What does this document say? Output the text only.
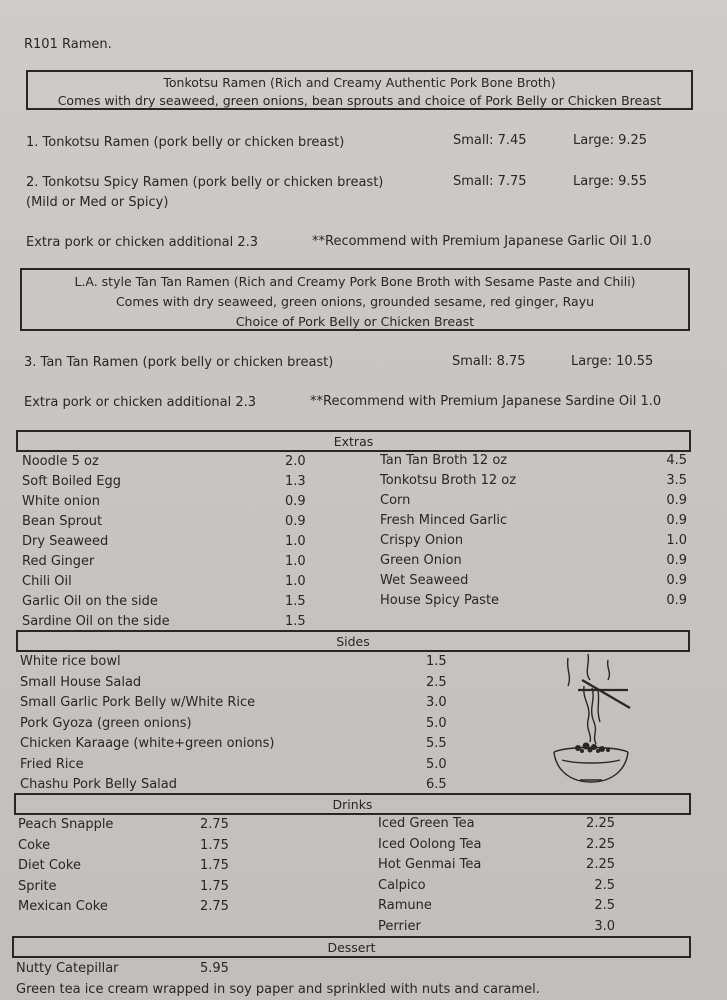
R101 Ramen.
Tonkotsu Ramen (Rich and Creamy Authentic Pork Bone Broth)
Comes with dry seaweed, green onions, bean sprouts and choice of Pork Belly or Chicken Breast
1. Tonkotsu Ramen (pork belly or chicken breast)	Small: 7.45	Large: 9.25
2. Tonkotsu Spicy Ramen (pork belly or chicken breast)
(Mild or Med or Spicy)
Small: 7.75	Large: 9.55
Extra pork or chicken additional 2.3	**Recommend with Premium Japanese Garlic Oil 1.0
L.A. style Tan Tan Ramen (Rich and Creamy Pork Bone Broth with Sesame Paste and Chili)
Comes with dry seaweed, green onions, grounded sesame, red ginger, Rayu
Choice of Pork Belly or Chicken Breast
3. Tan Tan Ramen (pork belly or chicken breast)	Small: 8.75	Large: 10.55
Extra pork or chicken additional 2.3	**Recommend with Premium Japanese Sardine Oil 1.0
Extras
Noodle 5 oz	2.0
Soft Boiled Egg	1.3
White onion	0.9
Bean Sprout	0.9
Dry Seaweed	1.0
Red Ginger	1.0
Chili Oil	1.0
Garlic Oil on the side	1.5
Sardine Oil on the side	1.5
Tan Tan Broth 12 oz	4.5
Tonkotsu Broth 12 oz	3.5
Corn	0.9
Fresh Minced Garlic	0.9
Crispy Onion	1.0
Green Onion	0.9
Wet Seaweed	0.9
House Spicy Paste	0.9
Sides
White rice bowl	1.5
Small House Salad	2.5
Small Garlic Pork Belly w/White Rice	3.0
Pork Gyoza (green onions)	5.0
Chicken Karaage (white+green onions)	5.5
Fried Rice	5.0
Chashu Pork Belly Salad	6.5
Drinks
Peach Snapple	2.75
Coke	1.75
Diet Coke	1.75
Sprite	1.75
Mexican Coke	2.75
Iced Green Tea	2.25
Iced Oolong Tea	2.25
Hot Genmai Tea	2.25
Calpico	2.5
Ramune	2.5
Perrier	3.0
Dessert
Nutty Catepillar	5.95
Green tea ice cream wrapped in soy paper and sprinkled with nuts and caramel.
